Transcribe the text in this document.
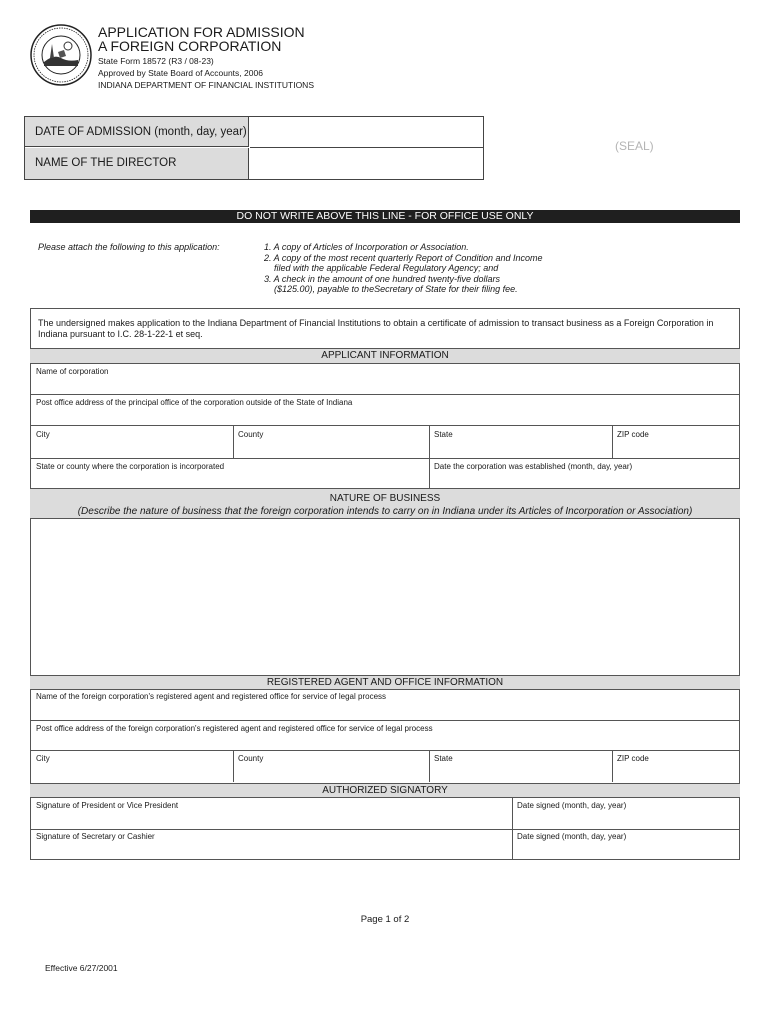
APPLICATION FOR ADMISSION
A FOREIGN CORPORATION
State Form 18572 (R3 / 08-23)
Approved by State Board of Accounts, 2006
INDIANA DEPARTMENT OF FINANCIAL INSTITUTIONS
DATE OF ADMISSION (month, day, year)
NAME OF THE DIRECTOR
(SEAL)
DO NOT WRITE ABOVE THIS LINE - FOR OFFICE USE ONLY
Please attach the following to this application:	1. A copy of Articles of Incorporation or Association.
2. A copy of the most recent quarterly Report of Condition and Income
filed with the applicable Federal Regulatory Agency; and
3. A check in the amount of one hundred twenty-five dollars
($125.00), payable to theSecretary of State for their filing fee.
The undersigned makes application to the Indiana Department of Financial Institutions to obtain a certificate of admission to transact business as a Foreign Corporation in Indiana pursuant to I.C. 28-1-22-1 et seq.
APPLICANT INFORMATION
Name of corporation
Post office address of the principal office of the corporation outside of the State of Indiana
City	County	State	ZIP code
State or county where the corporation is incorporated	Date the corporation was established (month, day, year)
NATURE OF BUSINESS
(Describe the nature of business that the foreign corporation intends to carry on in Indiana under its Articles of Incorporation or Association)
REGISTERED AGENT AND OFFICE INFORMATION
Name of the foreign corporation's registered agent and registered office for service of legal process
Post office address of the foreign corporation's registered agent and registered office for service of legal process
City	County	State	ZIP code
AUTHORIZED SIGNATORY
Signature of President or Vice President	Date signed (month, day, year)
Signature of Secretary or Cashier	Date signed (month, day, year)
Page 1 of 2
Effective 6/27/2001
